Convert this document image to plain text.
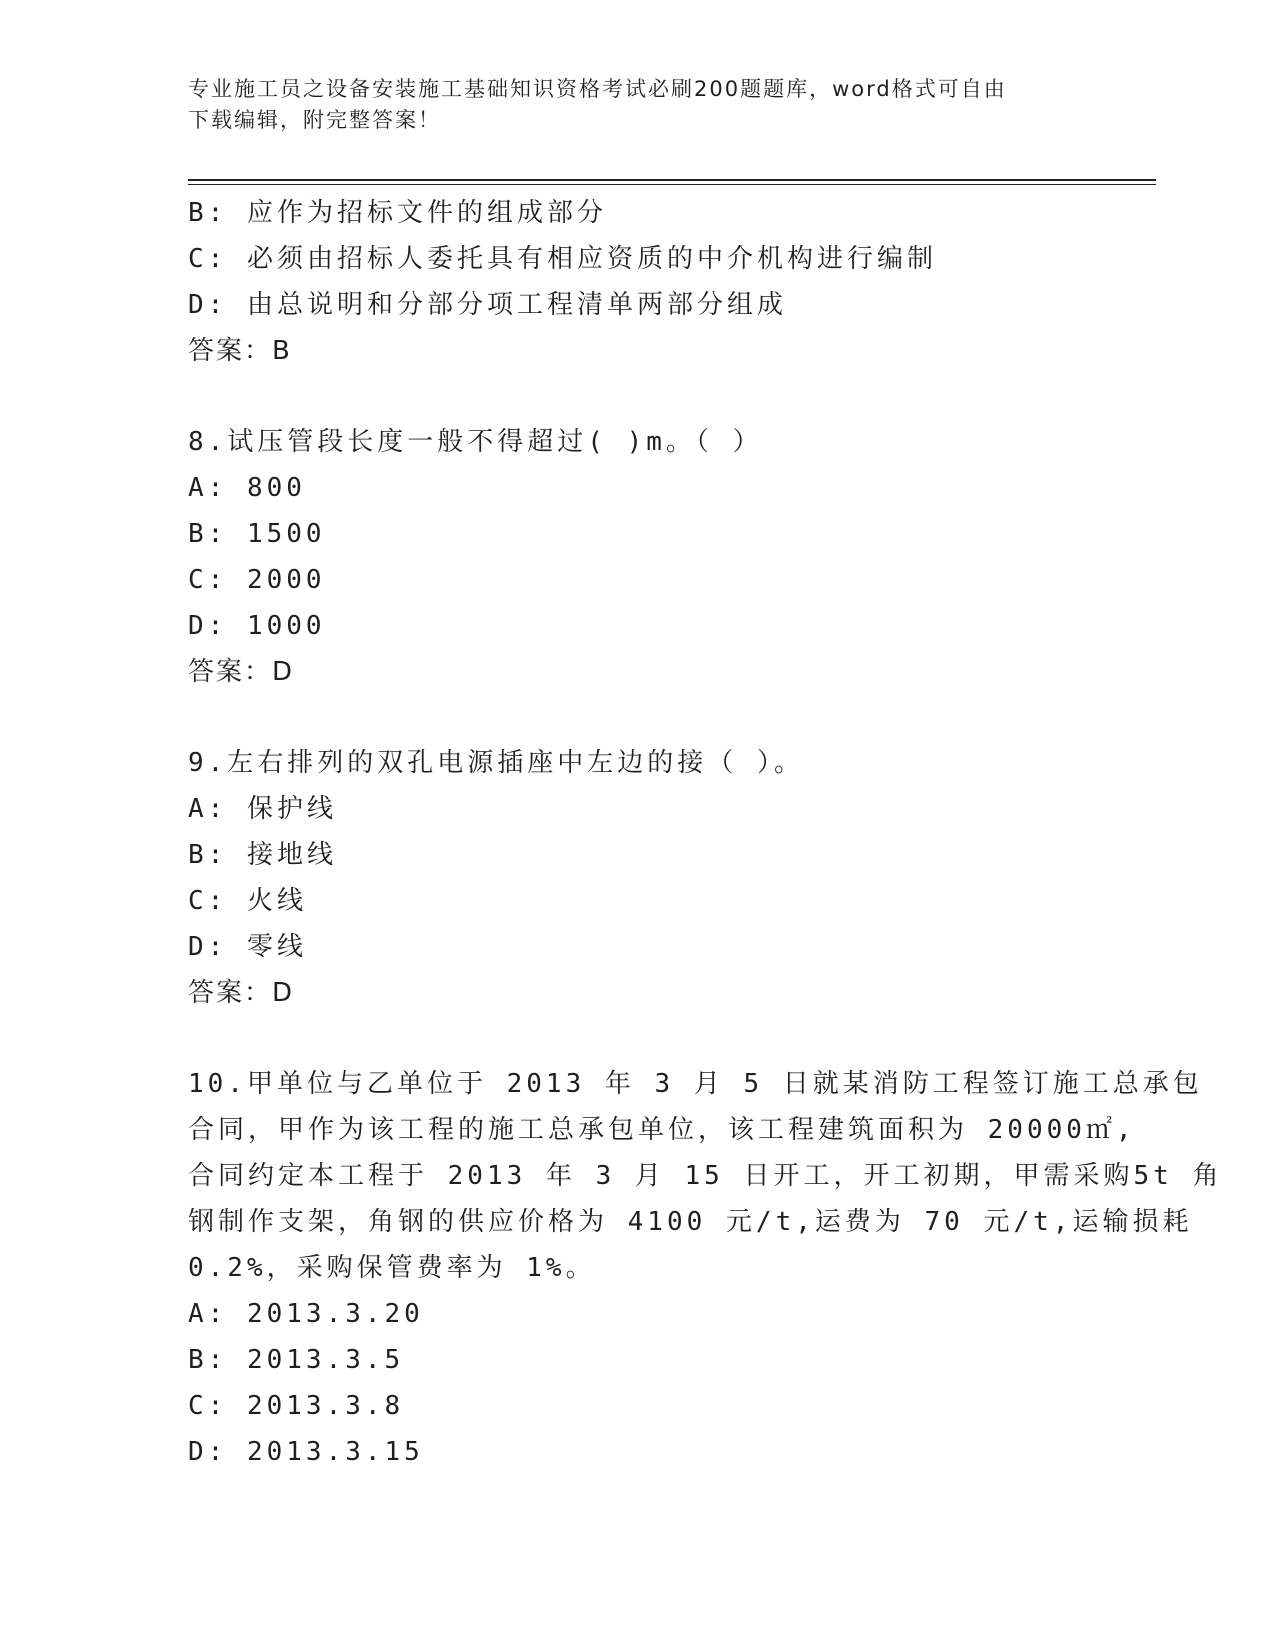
专业施工员之设备安装施工基础知识资格考试必刷200题题库，word格式可自由
下载编辑，附完整答案！
B: 应作为招标文件的组成部分
C: 必须由招标人委托具有相应资质的中介机构进行编制
D: 由总说明和分部分项工程清单两部分组成
答案：B
8.试压管段长度一般不得超过( )m。（ ）
A: 800
B: 1500
C: 2000
D: 1000
答案：D
9.左右排列的双孔电源插座中左边的接（ ）。
A: 保护线
B: 接地线
C: 火线
D: 零线
答案：D
10.甲单位与乙单位于 2013 年 3 月 5 日就某消防工程签订施工总承包
合同，甲作为该工程的施工总承包单位，该工程建筑面积为 20000㎡,
合同约定本工程于 2013 年 3 月 15 日开工，开工初期，甲需采购5t 角
钢制作支架，角钢的供应价格为 4100 元/t,运费为 70 元/t,运输损耗
0.2%，采购保管费率为 1%。
A: 2013.3.20
B: 2013.3.5
C: 2013.3.8
D: 2013.3.15
